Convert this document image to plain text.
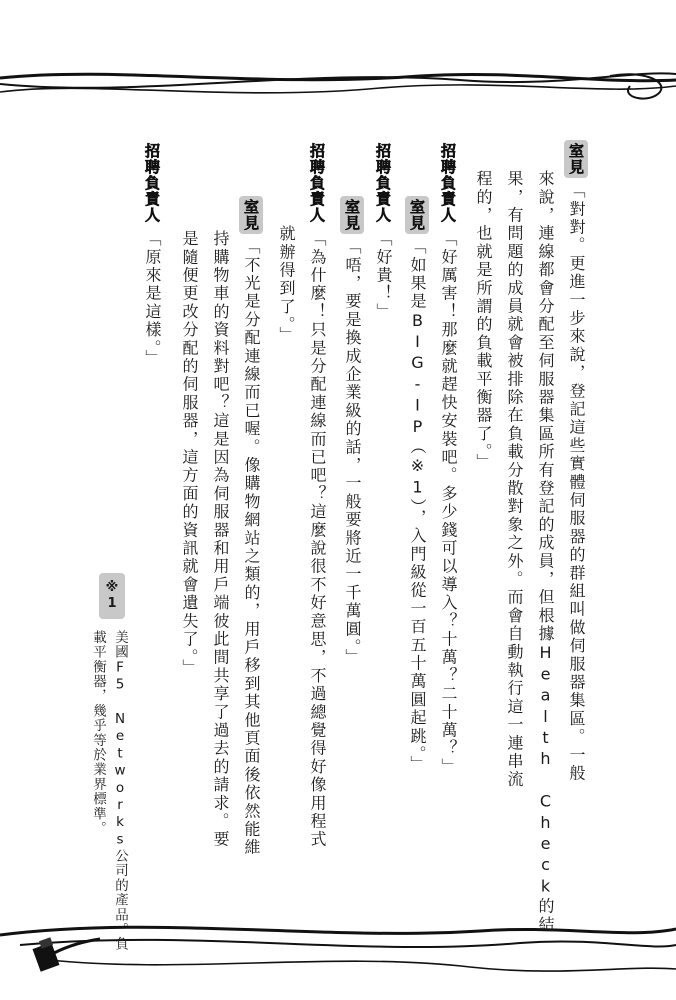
室見
「對對。更進一步來說，登記這些實體伺服器的群組叫做伺服器集區。一般
來說，連線都會分配至伺服器集區所有登記的成員，但根據Health Check的結
果，有問題的成員就會被排除在負載分散對象之外。而會自動執行這一連串流
程的，也就是所謂的負載平衡器了。」
招聘負責人
「好厲害！那麼就趕快安裝吧。多少錢可以導入？十萬？二十萬？」
室見
「如果是BIG-IP（※1），入門級從一百五十萬圓起跳。」
招聘負責人
「好貴！」
室見
「唔，要是換成企業級的話，一般要將近一千萬圓。」
招聘負責人
「為什麼！只是分配連線而已吧？這麼說很不好意思，不過總覺得好像用程式
就辦得到了。」
室見
「不光是分配連線而已喔。像購物網站之類的，用戶移到其他頁面後依然能維
持購物車的資料對吧？這是因為伺服器和用戶端彼此間共享了過去的請求。要
是隨便更改分配的伺服器，這方面的資訊就會遺失了。」
招聘負責人
「原來是這樣。」
※
1
美國F5 Networks公司的產品。負
載平衡器，幾乎等於業界標準。
